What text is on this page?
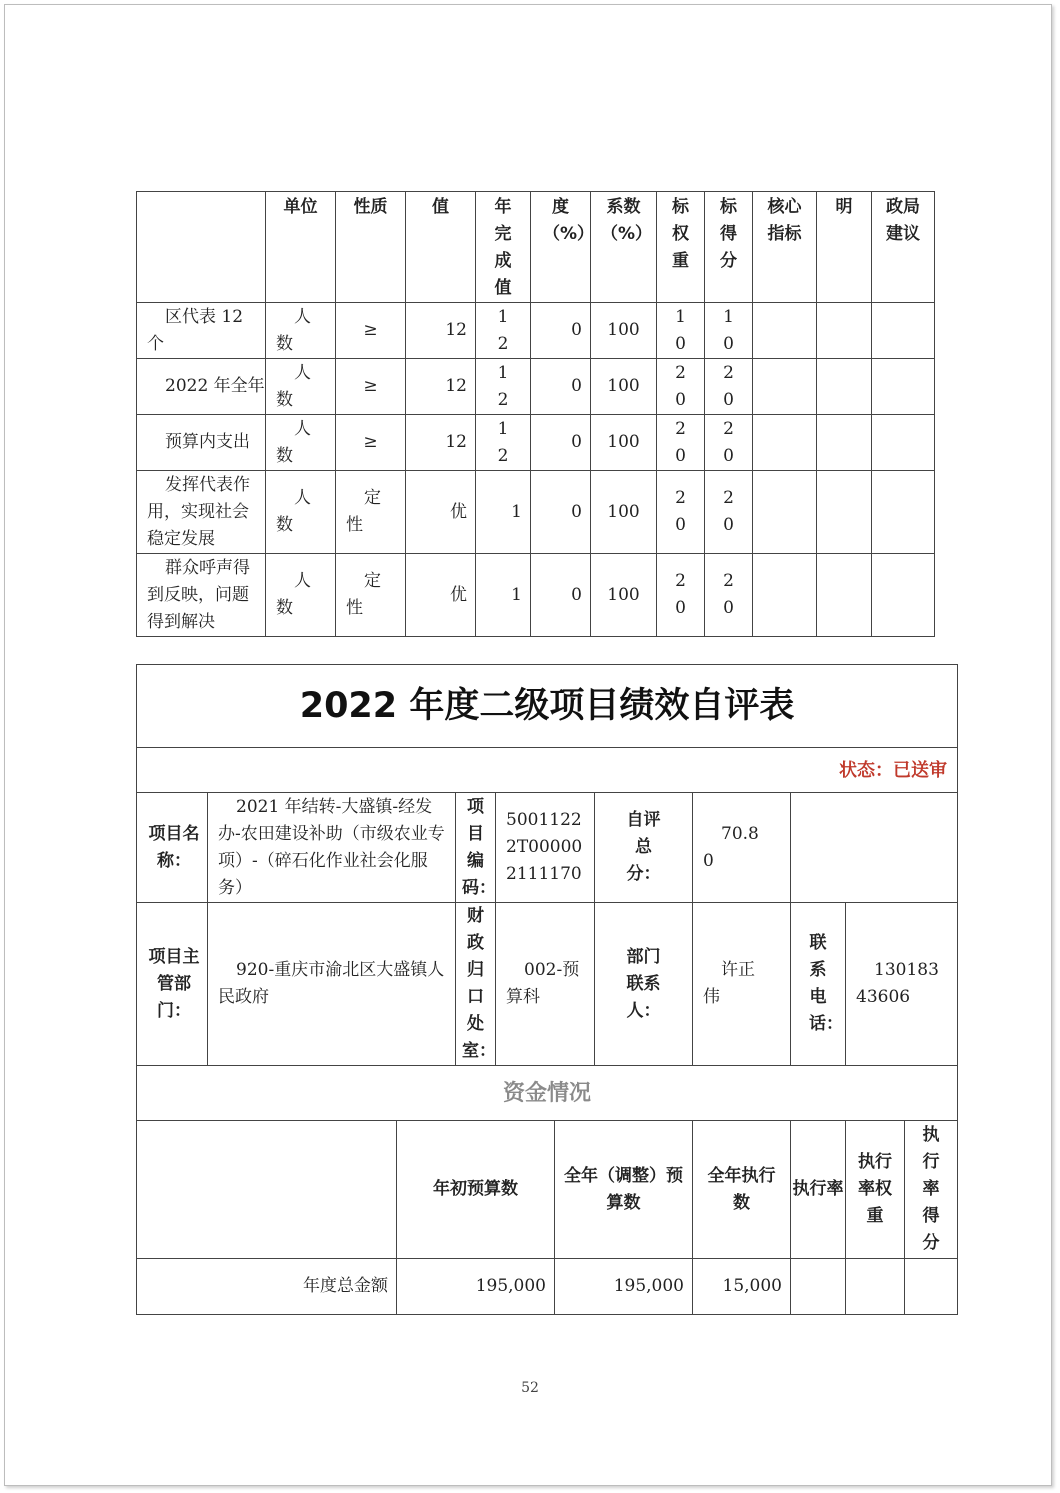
	单位	性质	值	年完成值	度（%）	系数（%）	标权重	标得分	核心指标	明	政局建议
区代表 12 个	人数	≥	12	12	0	100	10	10			
2022 年全年	人数	≥	12	12	0	100	20	20			
预算内支出	人数	≥	12	12	0	100	20	20			
发挥代表作用，实现社会稳定发展	人数	定性	优	1	0	100	20	20			
群众呼声得到反映，问题得到解决	人数	定性	优	1	0	100	20	20			
2022 年度二级项目绩效自评表										
状态：已送审										
项目名称：	2021 年结转-大盛镇-经发办-农田建设补助（市级农业专项）-（碎石化作业社会化服务）		项目编码：	50011222T000002111170		自评总分：	70.80			
项目主管部门：	920-重庆市渝北区大盛镇人民政府		财政归口处室：	002-预算科		部门联系人：	许正伟	联系电话：	13018343606	
资金情况										
		年初预算数			全年（调整）预算数		全年执行数	执行率	执行率权重	执行率得分
年度总金额		195,000			195,000		15,000			
52
